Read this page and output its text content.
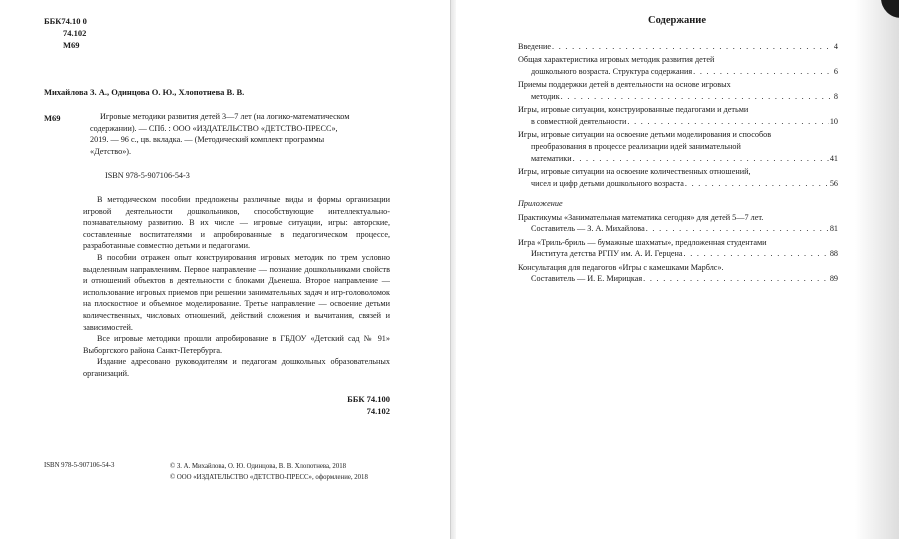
ББК74.10 0
74.102
М69
Михайлова З. А., Одинцова О. Ю., Хлопотнева В. В.
М69	Игровые методики развития детей 3—7 лет (на логико-математическом
содержании). — СПб. : ООО «ИЗДАТЕЛЬСТВО «ДЕТСТВО-ПРЕСС»,
2019. — 96 с., цв. вкладка. — (Методический комплект программы
«Детство»).
ISBN 978-5-907106-54-3

В методическом пособии предложены различные виды и формы организации игровой деятельности дошкольников, способствующие интеллектуально-познавательному развитию. В их числе — игровые ситуации, игры: авторские, составленные воспитателями и апробированные в педагогическом процессе, разработанные совместно детьми и педагогами.

В пособии отражен опыт конструирования игровых методик по трем условно выделенным направлениям. Первое направление — познание дошкольниками свойств и отношений объектов в деятельности с блоками Дьенеша. Второе направление — использование игровых приемов при решении занимательных задач и игр-головоломок на плоскостное и объемное моделирование. Третье направление — освоение детьми количественных, числовых отношений, действий сложения и вычитания, связей и зависимостей.

Все игровые методики прошли апробирование в ГБДОУ «Детский сад № 91» Выборгского района Санкт-Петербурга.

Издание адресовано руководителям и педагогам дошкольных образовательных организаций.

ББК 74.100
74.102
ISBN 978-5-907106-54-3	© З. А. Михайлова, О. Ю. Одинцова, В. В. Хлопотнева, 2018
© ООО «ИЗДАТЕЛЬСТВО «ДЕТСТВО-ПРЕСС», оформление, 2018
Содержание
Введение . . .	4
Общая характеристика игровых методик развития детей
дошкольного возраста. Структура содержания . . .	6
Приемы поддержки детей в деятельности на основе игровых
методик . . .	8
Игры, игровые ситуации, конструированные педагогами и детьми
в совместной деятельности . . .	10
Игры, игровые ситуации на освоение детьми моделирования и способов
преобразования в процессе реализации идей занимательной
математики . . .	41
Игры, игровые ситуации на освоение количественных отношений,
чисел и цифр детьми дошкольного возраста . . .	56
Приложение
Практикумы «Занимательная математика сегодня» для детей 5—7 лет.
Составитель — З. А. Михайлова . . .	81
Игра «Триль-бриль — бумажные шахматы», предложенная студентами
Института детства РГПУ им. А. И. Герцена . . .	88
Консультация для педагогов «Игры с камешками Марблс».
Составитель — И. Е. Мирицкая . . .	89
